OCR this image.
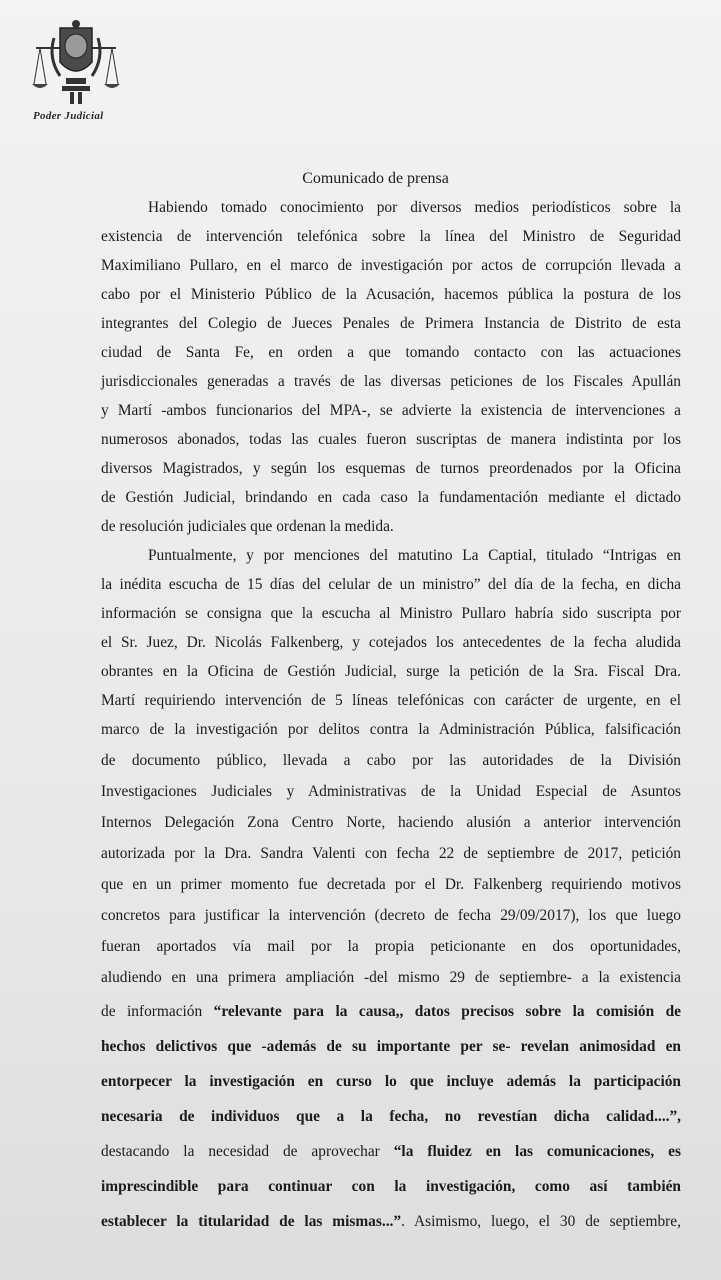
Poder Judicial
Comunicado de prensa
Habiendo tomado conocimiento por diversos medios periodísticos sobre la
existencia de intervención telefónica sobre la línea del Ministro de Seguridad
Maximiliano Pullaro, en el marco de investigación por actos de corrupción llevada a
cabo por el Ministerio Público de la Acusación, hacemos pública la postura de los
integrantes del Colegio de Jueces Penales de Primera Instancia de Distrito de esta
ciudad de Santa Fe, en orden a que tomando contacto con las actuaciones
jurisdiccionales generadas a través de las diversas peticiones de los Fiscales Apullán
y Martí -ambos funcionarios del MPA-, se advierte la existencia de intervenciones a
numerosos abonados, todas las cuales fueron suscriptas de manera indistinta por los
diversos Magistrados, y según los esquemas de turnos preordenados por la Oficina
de Gestión Judicial, brindando en cada caso la fundamentación mediante el dictado
de resolución judiciales que ordenan la medida.
Puntualmente, y por menciones del matutino La Captial, titulado “Intrigas en
la inédita escucha de 15 días del celular de un ministro” del día de la fecha, en dicha
información se consigna que la escucha al Ministro Pullaro habría sido suscripta por
el Sr. Juez, Dr. Nicolás Falkenberg, y cotejados los antecedentes de la fecha aludida
obrantes en la Oficina de Gestión Judicial, surge la petición de la Sra. Fiscal Dra.
Martí requiriendo intervención de 5 líneas telefónicas con carácter de urgente, en el
marco de la investigación por delitos contra la Administración Pública, falsificación
de documento público, llevada a cabo por las autoridades de la División
Investigaciones Judiciales y Administrativas de la Unidad Especial de Asuntos
Internos Delegación Zona Centro Norte, haciendo alusión a anterior intervención
autorizada por la Dra. Sandra Valenti con fecha 22 de septiembre de 2017, petición
que en un primer momento fue decretada por el Dr. Falkenberg requiriendo motivos
concretos para justificar la intervención (decreto de fecha 29/09/2017), los que luego
fueran aportados vía mail por la propia peticionante en dos oportunidades,
aludiendo en una primera ampliación -del mismo 29 de septiembre- a la existencia
de información “relevante para la causa,, datos precisos sobre la comisión de
hechos delictivos que -además de su importante per se- revelan animosidad en
entorpecer la investigación en curso lo que incluye además la participación
necesaria de individuos que a la fecha, no revestían dicha calidad....”,
destacando la necesidad de aprovechar “la fluidez en las comunicaciones, es
imprescindible para continuar con la investigación, como así también
establecer la titularidad de las mismas...”. Asimismo, luego, el 30 de septiembre,
